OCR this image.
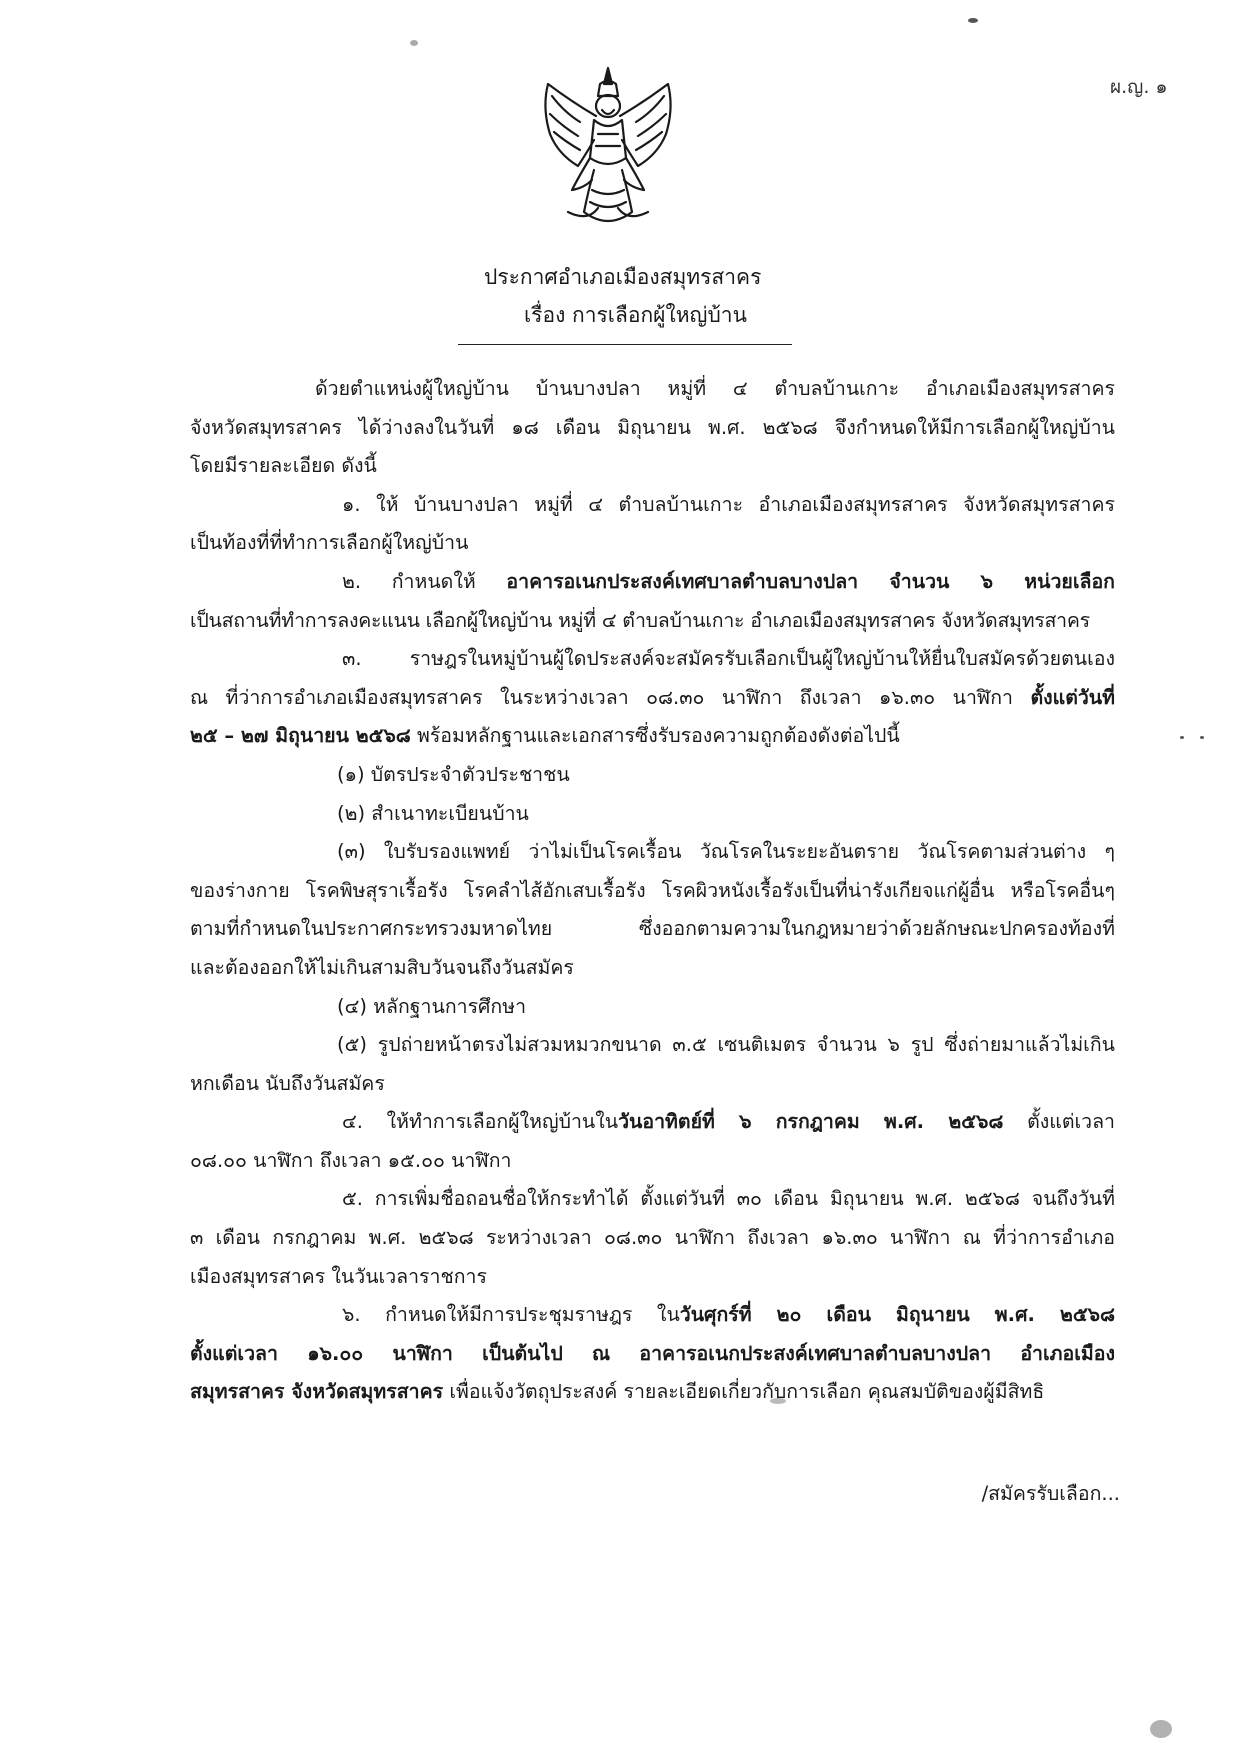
ผ.ญ. ๑
ประกาศอำเภอเมืองสมุทรสาคร
เรื่อง การเลือกผู้ใหญ่บ้าน
ด้วยตำแหน่งผู้ใหญ่บ้าน บ้านบางปลา หมู่ที่ ๔ ตำบลบ้านเกาะ อำเภอเมืองสมุทรสาคร
จังหวัดสมุทรสาคร ได้ว่างลงในวันที่ ๑๘ เดือน มิถุนายน พ.ศ. ๒๕๖๘ จึงกำหนดให้มีการเลือกผู้ใหญ่บ้าน
โดยมีรายละเอียด ดังนี้
๑. ให้ บ้านบางปลา หมู่ที่ ๔ ตำบลบ้านเกาะ อำเภอเมืองสมุทรสาคร จังหวัดสมุทรสาคร
เป็นท้องที่ที่ทำการเลือกผู้ใหญ่บ้าน
๒. กำหนดให้ อาคารอเนกประสงค์เทศบาลตำบลบางปลา จำนวน ๖ หน่วยเลือก
เป็นสถานที่ทำการลงคะแนน เลือกผู้ใหญ่บ้าน หมู่ที่ ๔ ตำบลบ้านเกาะ อำเภอเมืองสมุทรสาคร จังหวัดสมุทรสาคร
๓. ราษฎรในหมู่บ้านผู้ใดประสงค์จะสมัครรับเลือกเป็นผู้ใหญ่บ้านให้ยื่นใบสมัครด้วยตนเอง
ณ ที่ว่าการอำเภอเมืองสมุทรสาคร ในระหว่างเวลา ๐๘.๓๐ นาฬิกา ถึงเวลา ๑๖.๓๐ นาฬิกา ตั้งแต่วันที่
๒๕ – ๒๗ มิถุนายน ๒๕๖๘ พร้อมหลักฐานและเอกสารซึ่งรับรองความถูกต้องดังต่อไปนี้
(๑) บัตรประจำตัวประชาชน
(๒) สำเนาทะเบียนบ้าน
(๓) ใบรับรองแพทย์ ว่าไม่เป็นโรคเรื้อน วัณโรคในระยะอันตราย วัณโรคตามส่วนต่าง ๆ
ของร่างกาย โรคพิษสุราเรื้อรัง โรคลำไส้อักเสบเรื้อรัง โรคผิวหนังเรื้อรังเป็นที่น่ารังเกียจแก่ผู้อื่น หรือโรคอื่นๆ
ตามที่กำหนดในประกาศกระทรวงมหาดไทย ซึ่งออกตามความในกฎหมายว่าด้วยลักษณะปกครองท้องที่
และต้องออกให้ไม่เกินสามสิบวันจนถึงวันสมัคร
(๔) หลักฐานการศึกษา
(๕) รูปถ่ายหน้าตรงไม่สวมหมวกขนาด ๓.๕ เซนติเมตร จำนวน ๖ รูป ซึ่งถ่ายมาแล้วไม่เกิน
หกเดือน นับถึงวันสมัคร
๔. ให้ทำการเลือกผู้ใหญ่บ้านในวันอาทิตย์ที่ ๖ กรกฎาคม พ.ศ. ๒๕๖๘ ตั้งแต่เวลา
๐๘.๐๐ นาฬิกา ถึงเวลา ๑๕.๐๐ นาฬิกา
๕. การเพิ่มชื่อถอนชื่อให้กระทำได้ ตั้งแต่วันที่ ๓๐ เดือน มิถุนายน พ.ศ. ๒๕๖๘ จนถึงวันที่
๓ เดือน กรกฎาคม พ.ศ. ๒๕๖๘ ระหว่างเวลา ๐๘.๓๐ นาฬิกา ถึงเวลา ๑๖.๓๐ นาฬิกา ณ ที่ว่าการอำเภอ
เมืองสมุทรสาคร ในวันเวลาราชการ
๖. กำหนดให้มีการประชุมราษฎร ในวันศุกร์ที่ ๒๐ เดือน มิถุนายน พ.ศ. ๒๕๖๘
ตั้งแต่เวลา ๑๖.๐๐ นาฬิกา เป็นต้นไป ณ อาคารอเนกประสงค์เทศบาลตำบลบางปลา อำเภอเมือง
สมุทรสาคร จังหวัดสมุทรสาคร เพื่อแจ้งวัตถุประสงค์ รายละเอียดเกี่ยวกับการเลือก คุณสมบัติของผู้มีสิทธิ
/สมัครรับเลือก...
